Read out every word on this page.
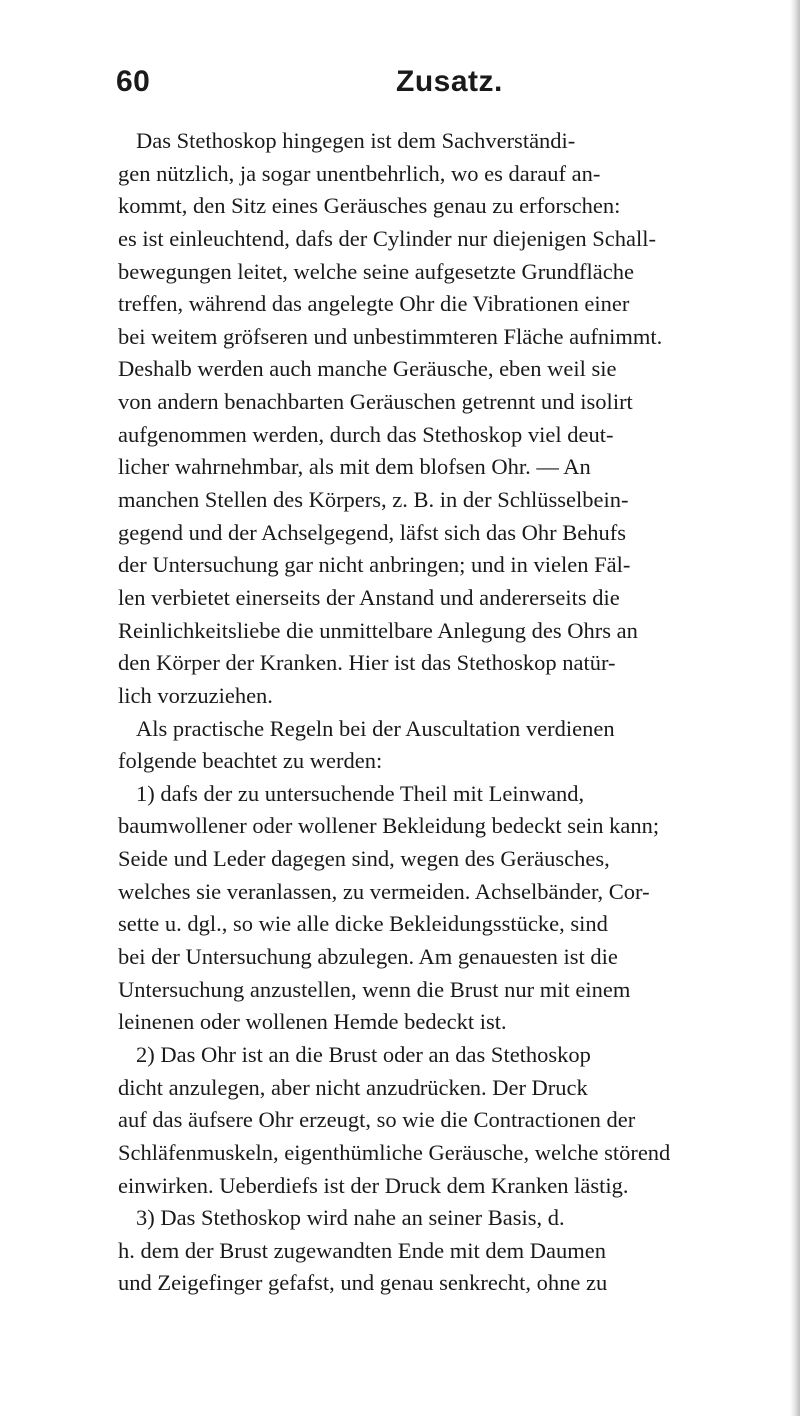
60	Zusatz.
Das Stethoskop hingegen ist dem Sachverständi-
gen nützlich, ja sogar unentbehrlich, wo es darauf an-
kommt, den Sitz eines Geräusches genau zu erforschen:
es ist einleuchtend, dafs der Cylinder nur diejenigen Schall-
bewegungen leitet, welche seine aufgesetzte Grundfläche
treffen, während das angelegte Ohr die Vibrationen einer
bei weitem gröfseren und unbestimmteren Fläche aufnimmt.
Deshalb werden auch manche Geräusche, eben weil sie
von andern benachbarten Geräuschen getrennt und isolirt
aufgenommen werden, durch das Stethoskop viel deut-
licher wahrnehmbar, als mit dem blofsen Ohr. — An
manchen Stellen des Körpers, z. B. in der Schlüsselbein-
gegend und der Achselgegend, läfst sich das Ohr Behufs
der Untersuchung gar nicht anbringen; und in vielen Fäl-
len verbietet einerseits der Anstand und andererseits die
Reinlichkeitsliebe die unmittelbare Anlegung des Ohrs an
den Körper der Kranken. Hier ist das Stethoskop natür-
lich vorzuziehen.
Als practische Regeln bei der Auscultation verdienen
folgende beachtet zu werden:
1) dafs der zu untersuchende Theil mit Leinwand,
baumwollener oder wollener Bekleidung bedeckt sein kann;
Seide und Leder dagegen sind, wegen des Geräusches,
welches sie veranlassen, zu vermeiden. Achselbänder, Cor-
sette u. dgl., so wie alle dicke Bekleidungsstücke, sind
bei der Untersuchung abzulegen. Am genauesten ist die
Untersuchung anzustellen, wenn die Brust nur mit einem
leinenen oder wollenen Hemde bedeckt ist.
2) Das Ohr ist an die Brust oder an das Stethoskop
dicht anzulegen, aber nicht anzudrücken. Der Druck
auf das äufsere Ohr erzeugt, so wie die Contractionen der
Schläfenmuskeln, eigenthümliche Geräusche, welche störend
einwirken. Ueberdiefs ist der Druck dem Kranken lästig.
3) Das Stethoskop wird nahe an seiner Basis, d.
h. dem der Brust zugewandten Ende mit dem Daumen
und Zeigefinger gefafst, und genau senkrecht, ohne zu
